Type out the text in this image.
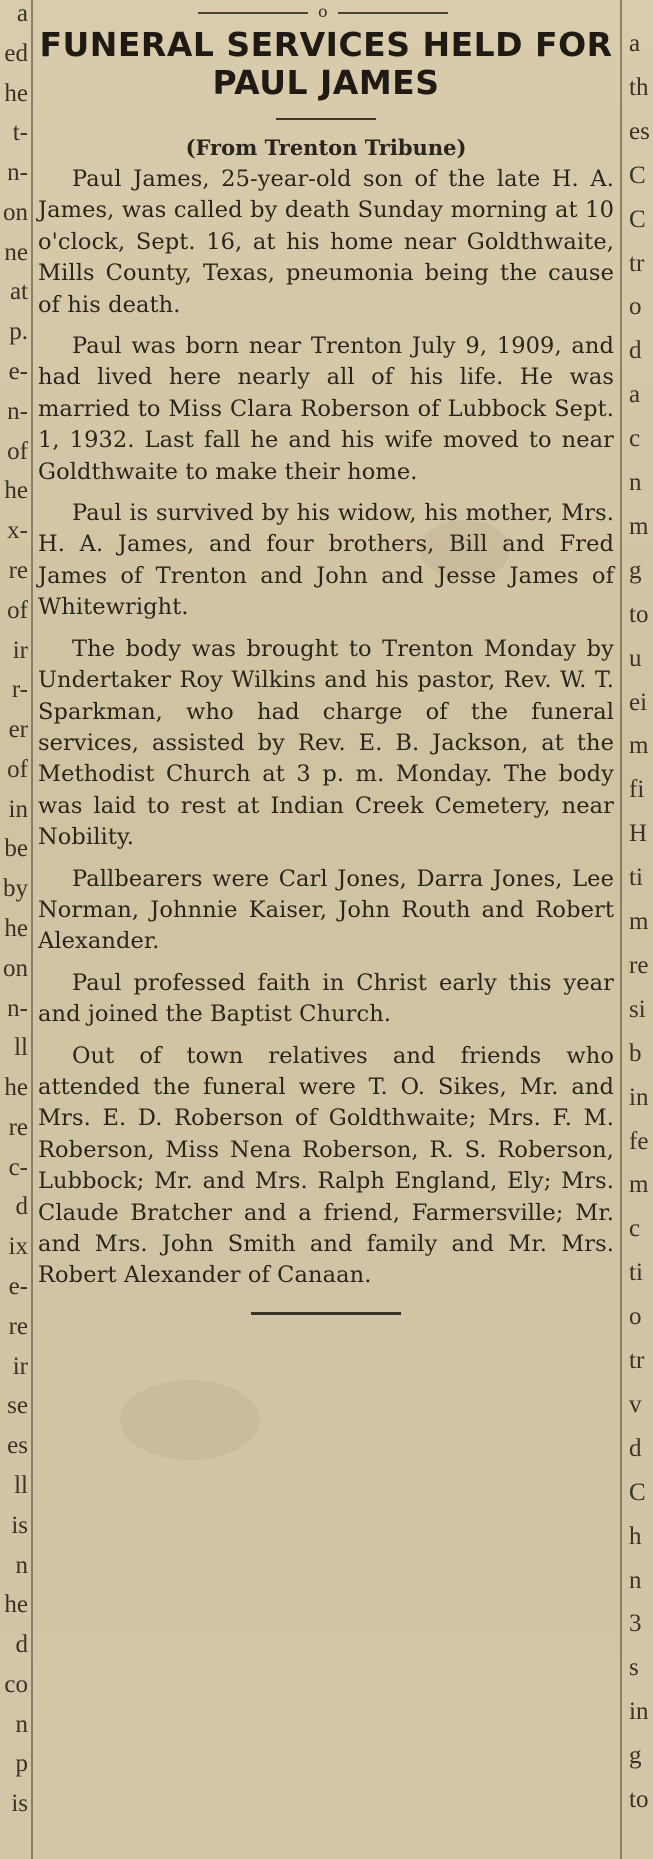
a
ed
he
t-
n-
on
ne
at
p.
e-
n-
of
he
x-
re
of
ir
r-
er
of
in
be
by
he
on
n-
ll
he
re
c-
d
ix
e-
re
ir
se
es
ll
is
n
he
d
co
n
p
is
a
th
es
C
C
tr
o
d
a
c
n
m
g
to
u
ei
m
fi
H
ti
m
re
si
b
in
fe
m
c
ti
o
tr
v
d
C
h
n
3
s
in
g
to
o
FUNERAL SERVICES HELD FOR PAUL JAMES
(From Trenton Tribune)

Paul James, 25-year-old son of the late H. A. James, was called by death Sunday morning at 10 o'clock, Sept. 16, at his home near Goldthwaite, Mills County, Texas, pneumonia being the cause of his death.

Paul was born near Trenton July 9, 1909, and had lived here nearly all of his life. He was married to Miss Clara Roberson of Lubbock Sept. 1, 1932. Last fall he and his wife moved to near Goldthwaite to make their home.

Paul is survived by his widow, his mother, Mrs. H. A. James, and four brothers, Bill and Fred James of Trenton and John and Jesse James of Whitewright.

The body was brought to Trenton Monday by Undertaker Roy Wilkins and his pastor, Rev. W. T. Sparkman, who had charge of the funeral services, assisted by Rev. E. B. Jackson, at the Methodist Church at 3 p. m. Monday. The body was laid to rest at Indian Creek Cemetery, near Nobility.

Pallbearers were Carl Jones, Darra Jones, Lee Norman, Johnnie Kaiser, John Routh and Robert Alexander.

Paul professed faith in Christ early this year and joined the Baptist Church.

Out of town relatives and friends who attended the funeral were T. O. Sikes, Mr. and Mrs. E. D. Roberson of Goldthwaite; Mrs. F. M. Roberson, Miss Nena Roberson, R. S. Roberson, Lubbock; Mr. and Mrs. Ralph England, Ely; Mrs. Claude Bratcher and a friend, Farmersville; Mr. and Mrs. John Smith and family and Mr. Mrs. Robert Alexander of Canaan.
